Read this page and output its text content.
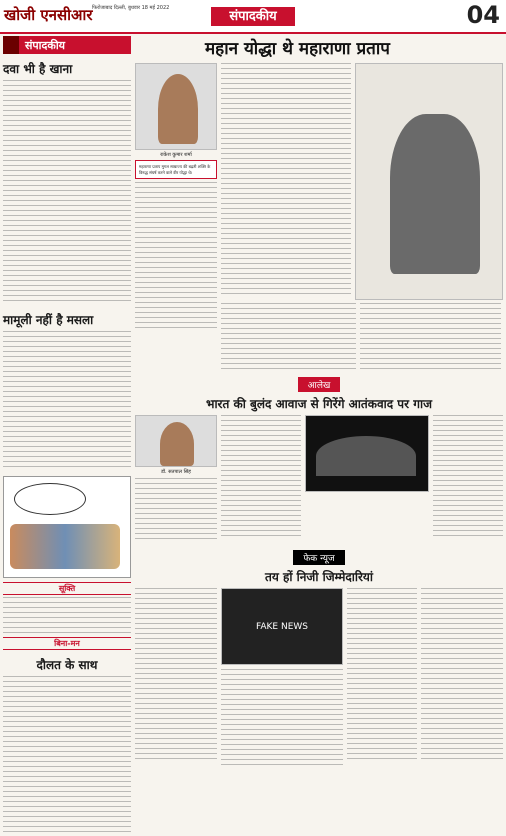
खोजी एनसीआर फिरोजाबाद दिल्ली, बुधवार 18 मई 2022
संपादकीय	04
संपादकीय
दवा भी है खाना
मामूली नहीं है मसला
सूक्ति
बिना-मन
दौलत के साथ
महान योद्धा थे महाराणा प्रताप
राकेश कुमार शर्मा
महाराणा प्रताप मुगल साम्राज्य की बढ़ती शक्ति के विरुद्ध संघर्ष करने वाले वीर योद्धा थे।
आलेख
भारत की बुलंद आवाज से गिरेंगे आतंकवाद पर गाज
डॉ. सतपाल सिंह
फेक न्यूज
तय हों निजी जिम्मेदारियां
FAKE NEWS
